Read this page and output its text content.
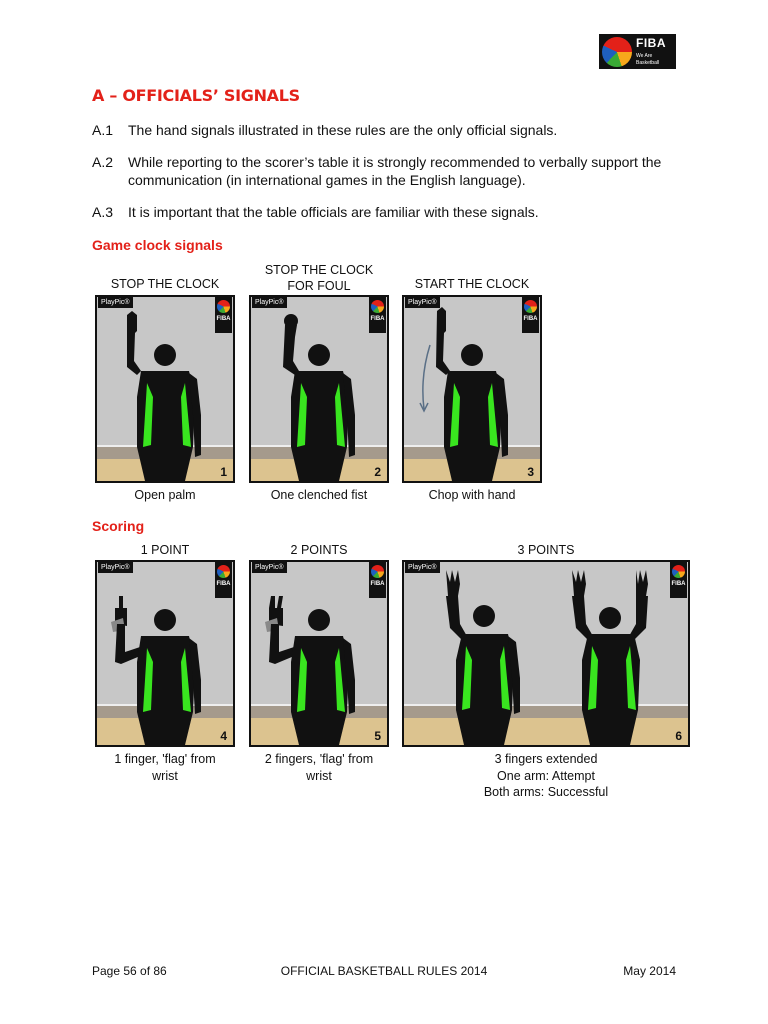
FIBA
We Are Basketball
A – OFFICIALS’ SIGNALS
A.1 The hand signals illustrated in these rules are the only official signals.
A.2 While reporting to the scorer’s table it is strongly recommended to verbally support the communication (in international games in the English language).
A.3 It is important that the table officials are familiar with these signals.
Game clock signals
STOP THE CLOCK
STOP THE CLOCK
FOR FOUL	START THE CLOCK
PlayPic®
FIBA
1
PlayPic®
FIBA
2
PlayPic®
FIBA
3
Open palm	One clenched fist	Chop with hand
Scoring
1 POINT	2 POINTS	3 POINTS
PlayPic®
FIBA
4
PlayPic®
FIBA
5
PlayPic®
FIBA
6
1 finger, 'flag' from
wrist
2 fingers, 'flag' from
wrist
3 fingers extended
One arm: Attempt
Both arms: Successful
Page 56 of 86	OFFICIAL BASKETBALL RULES 2014	May 2014
